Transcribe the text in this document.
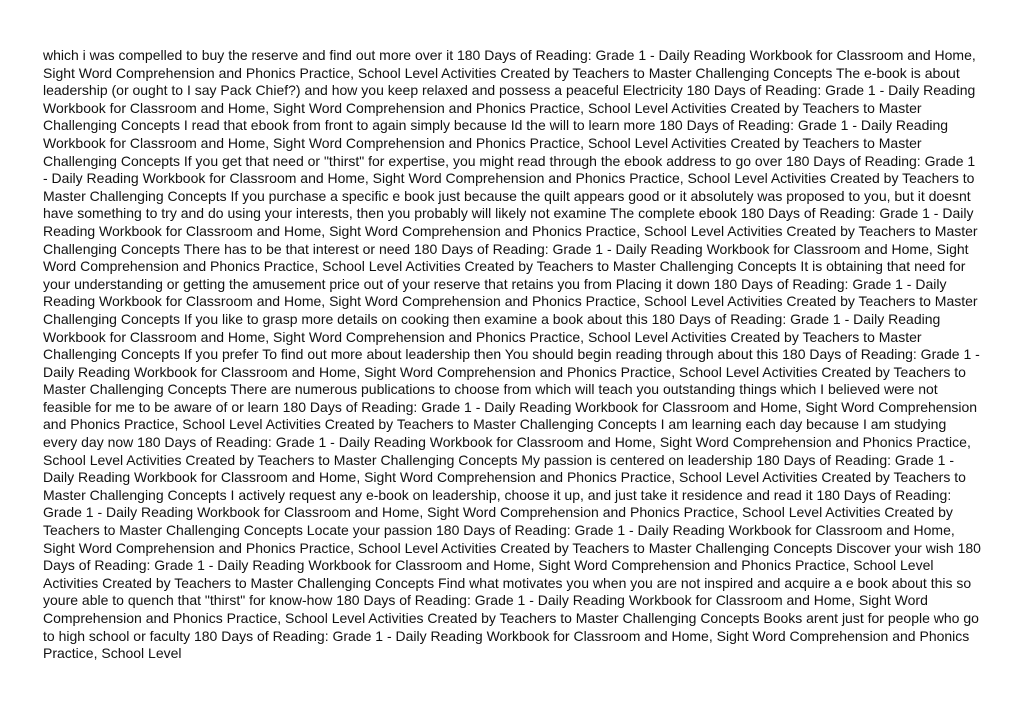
which i was compelled to buy the reserve and find out more over it 180 Days of Reading: Grade 1 - Daily Reading Workbook for Classroom and Home, Sight Word Comprehension and Phonics Practice, School Level Activities Created by Teachers to Master Challenging Concepts The e-book is about leadership (or ought to I say Pack Chief?) and how you keep relaxed and possess a peaceful Electricity 180 Days of Reading: Grade 1 - Daily Reading Workbook for Classroom and Home, Sight Word Comprehension and Phonics Practice, School Level Activities Created by Teachers to Master Challenging Concepts I read that ebook from front to again simply because Id the will to learn more 180 Days of Reading: Grade 1 - Daily Reading Workbook for Classroom and Home, Sight Word Comprehension and Phonics Practice, School Level Activities Created by Teachers to Master Challenging Concepts If you get that need or "thirst" for expertise, you might read through the ebook address to go over 180 Days of Reading: Grade 1 - Daily Reading Workbook for Classroom and Home, Sight Word Comprehension and Phonics Practice, School Level Activities Created by Teachers to Master Challenging Concepts If you purchase a specific e book just because the quilt appears good or it absolutely was proposed to you, but it doesnt have something to try and do using your interests, then you probably will likely not examine The complete ebook 180 Days of Reading: Grade 1 - Daily Reading Workbook for Classroom and Home, Sight Word Comprehension and Phonics Practice, School Level Activities Created by Teachers to Master Challenging Concepts There has to be that interest or need 180 Days of Reading: Grade 1 - Daily Reading Workbook for Classroom and Home, Sight Word Comprehension and Phonics Practice, School Level Activities Created by Teachers to Master Challenging Concepts It is obtaining that need for your understanding or getting the amusement price out of your reserve that retains you from Placing it down 180 Days of Reading: Grade 1 - Daily Reading Workbook for Classroom and Home, Sight Word Comprehension and Phonics Practice, School Level Activities Created by Teachers to Master Challenging Concepts If you like to grasp more details on cooking then examine a book about this 180 Days of Reading: Grade 1 - Daily Reading Workbook for Classroom and Home, Sight Word Comprehension and Phonics Practice, School Level Activities Created by Teachers to Master Challenging Concepts If you prefer To find out more about leadership then You should begin reading through about this 180 Days of Reading: Grade 1 - Daily Reading Workbook for Classroom and Home, Sight Word Comprehension and Phonics Practice, School Level Activities Created by Teachers to Master Challenging Concepts There are numerous publications to choose from which will teach you outstanding things which I believed were not feasible for me to be aware of or learn 180 Days of Reading: Grade 1 - Daily Reading Workbook for Classroom and Home, Sight Word Comprehension and Phonics Practice, School Level Activities Created by Teachers to Master Challenging Concepts I am learning each day because I am studying every day now 180 Days of Reading: Grade 1 - Daily Reading Workbook for Classroom and Home, Sight Word Comprehension and Phonics Practice, School Level Activities Created by Teachers to Master Challenging Concepts My passion is centered on leadership 180 Days of Reading: Grade 1 - Daily Reading Workbook for Classroom and Home, Sight Word Comprehension and Phonics Practice, School Level Activities Created by Teachers to Master Challenging Concepts I actively request any e-book on leadership, choose it up, and just take it residence and read it 180 Days of Reading: Grade 1 - Daily Reading Workbook for Classroom and Home, Sight Word Comprehension and Phonics Practice, School Level Activities Created by Teachers to Master Challenging Concepts Locate your passion 180 Days of Reading: Grade 1 - Daily Reading Workbook for Classroom and Home, Sight Word Comprehension and Phonics Practice, School Level Activities Created by Teachers to Master Challenging Concepts Discover your wish 180 Days of Reading: Grade 1 - Daily Reading Workbook for Classroom and Home, Sight Word Comprehension and Phonics Practice, School Level Activities Created by Teachers to Master Challenging Concepts Find what motivates you when you are not inspired and acquire a e book about this so youre able to quench that "thirst" for know-how 180 Days of Reading: Grade 1 - Daily Reading Workbook for Classroom and Home, Sight Word Comprehension and Phonics Practice, School Level Activities Created by Teachers to Master Challenging Concepts Books arent just for people who go to high school or faculty 180 Days of Reading: Grade 1 - Daily Reading Workbook for Classroom and Home, Sight Word Comprehension and Phonics Practice, School Level
